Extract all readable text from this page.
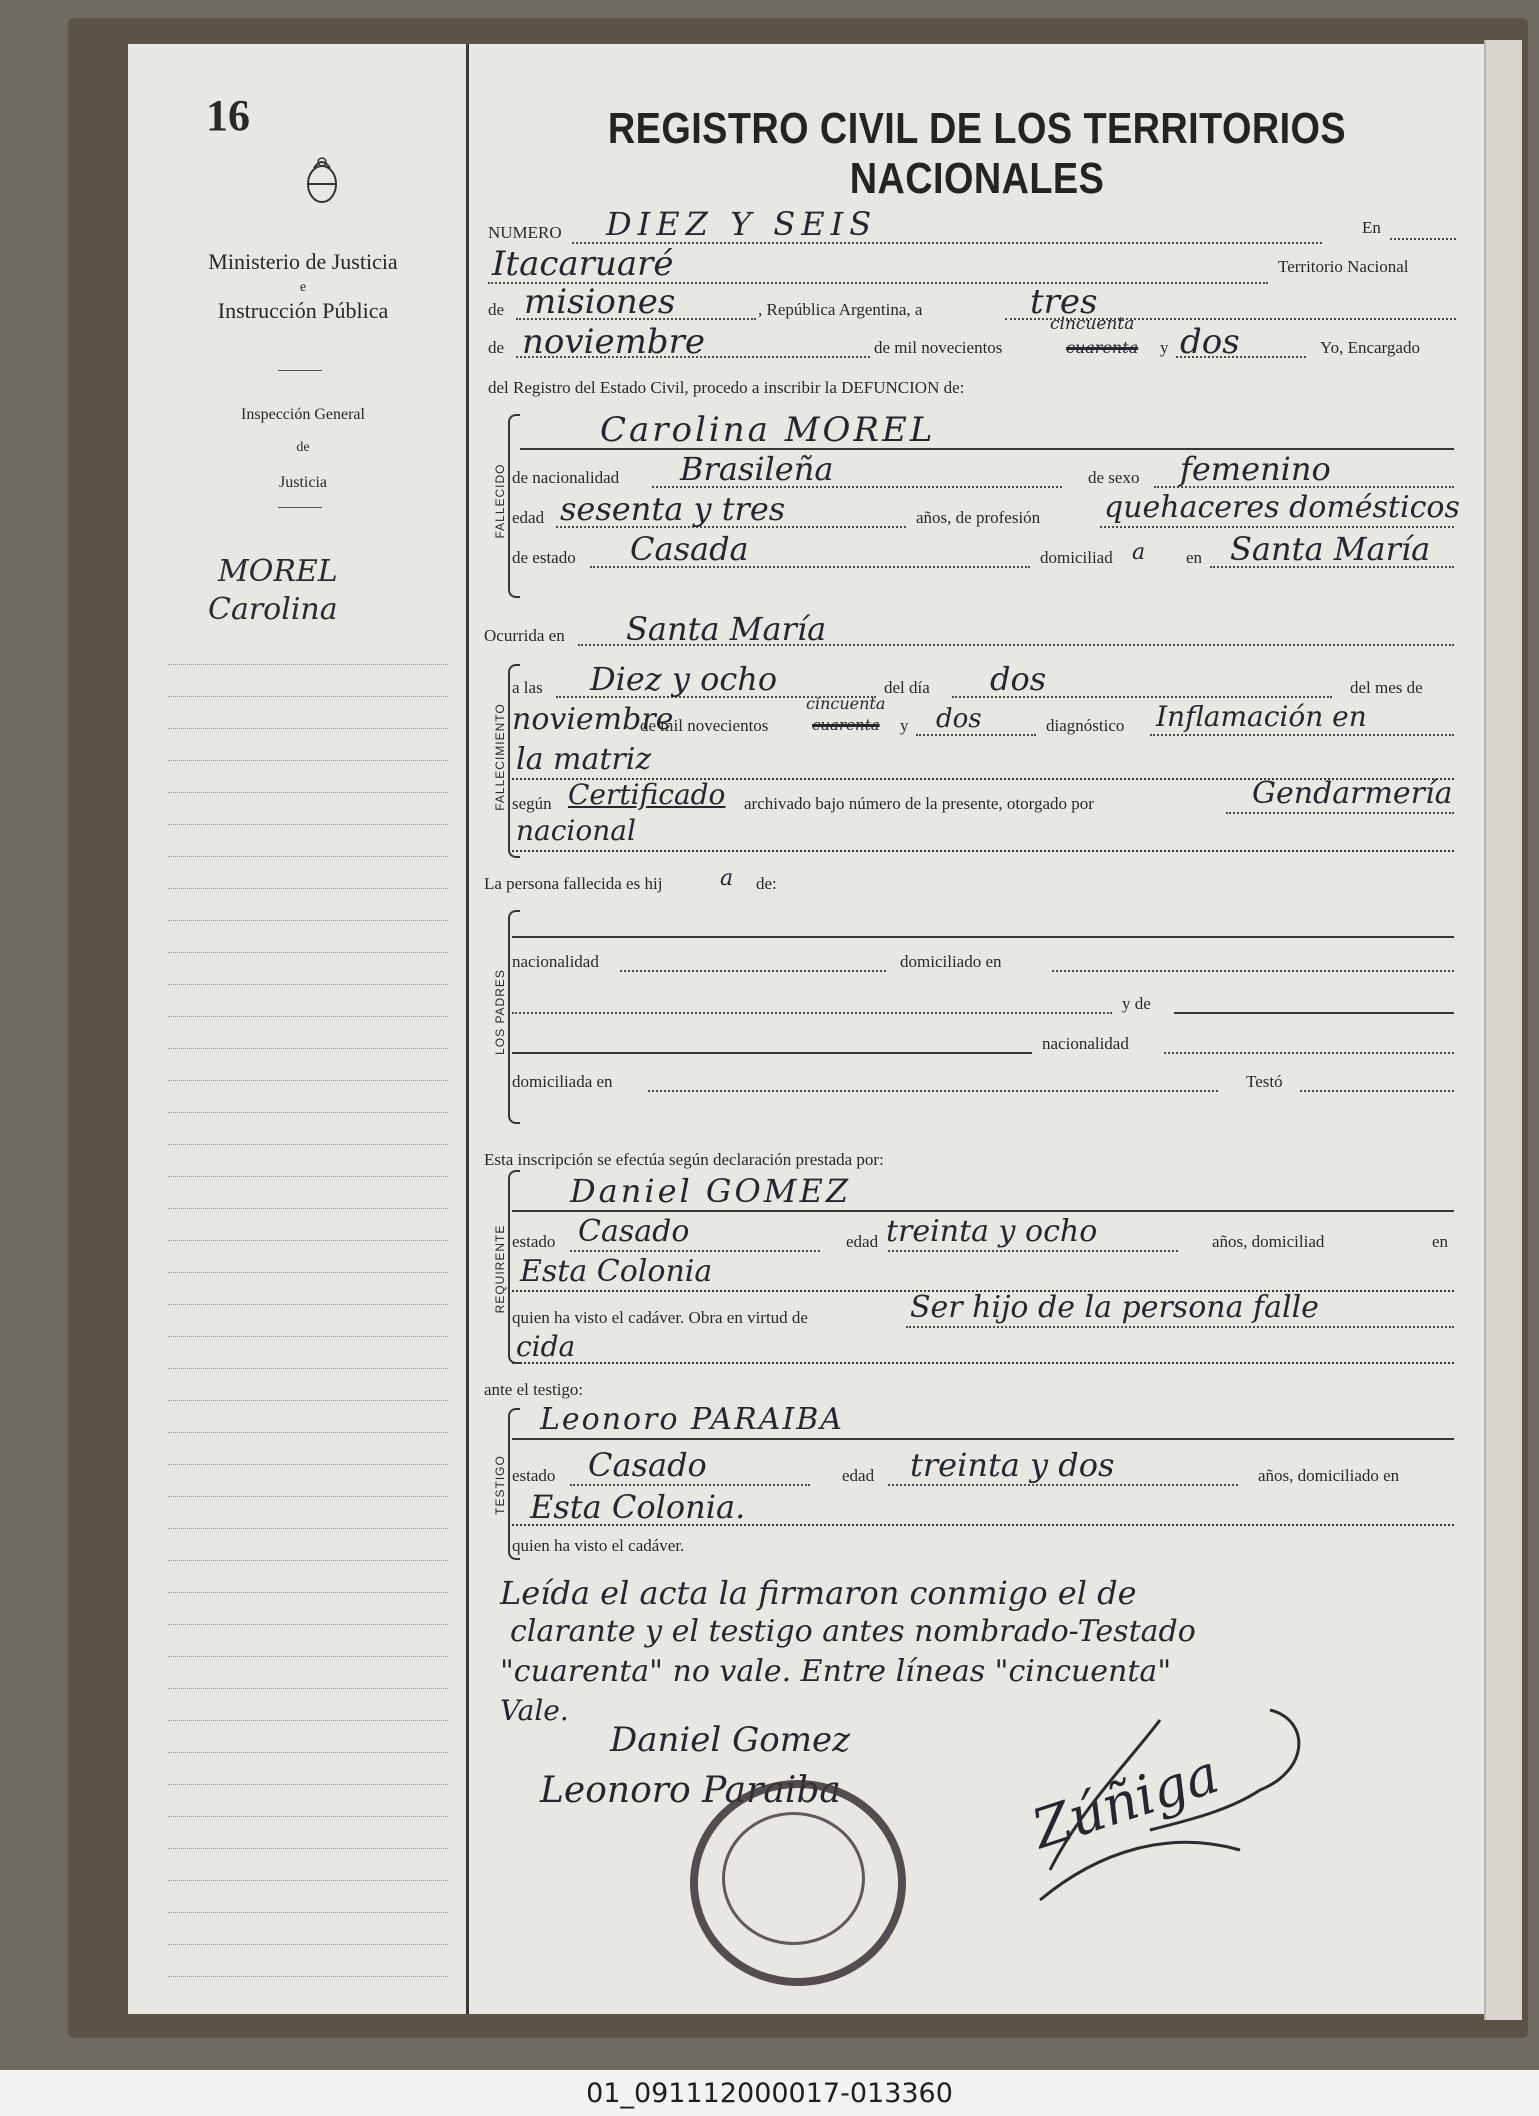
16
Ministerio de Justicia
e
Instrucción Pública
Inspección General
de
Justicia
MOREL
Carolina
REGISTRO CIVIL DE LOS TERRITORIOS NACIONALES
NUMERO DIEZ Y SEIS	En
Itacaruaré	Territorio Nacional
de misiones	, República Argentina, a	tres
de noviembre	de mil novecientos
cincuenta
cuarenta y dos	Yo, Encargado
del Registro del Estado Civil, procedo a inscribir la DEFUNCION de:
FALLECIDO
Carolina MOREL
de nacionalidad Brasileña	de sexo femenino
edad sesenta y tres	años, de profesión quehaceres domésticos
de estado Casada	domiciliad a en Santa María
Ocurrida en Santa María
FALLECIMIENTO
a las Diez y ocho	del día dos	del mes de
noviembre
de mil novecientos
cincuenta
cuarenta y dos	diagnóstico Inflamación en
la matriz
según Certificado archivado bajo número de la presente, otorgado por	Gendarmería
nacional
La persona fallecida es hij	a de:
LOS PADRES
nacionalidad	domiciliado en
y de
nacionalidad
domiciliada en	Testó
Esta inscripción se efectúa según declaración prestada por:
REQUIRENTE
Daniel GOMEZ
estado Casado	edad treinta y ocho	años, domiciliad	en
Esta Colonia
quien ha visto el cadáver. Obra en virtud de	Ser hijo de la persona falle
cida
ante el testigo:
TESTIGO
Leonoro PARAIBA
estado Casado	edad treinta y dos	años, domiciliado en
Esta Colonia.
quien ha visto el cadáver.
Leída el acta la firmaron conmigo el de
clarante y el testigo antes nombrado-Testado
"cuarenta" no vale. Entre líneas "cincuenta"
Vale.
Daniel Gomez
Leonoro Paraiba	Zúñiga
01_091112000017-013360
